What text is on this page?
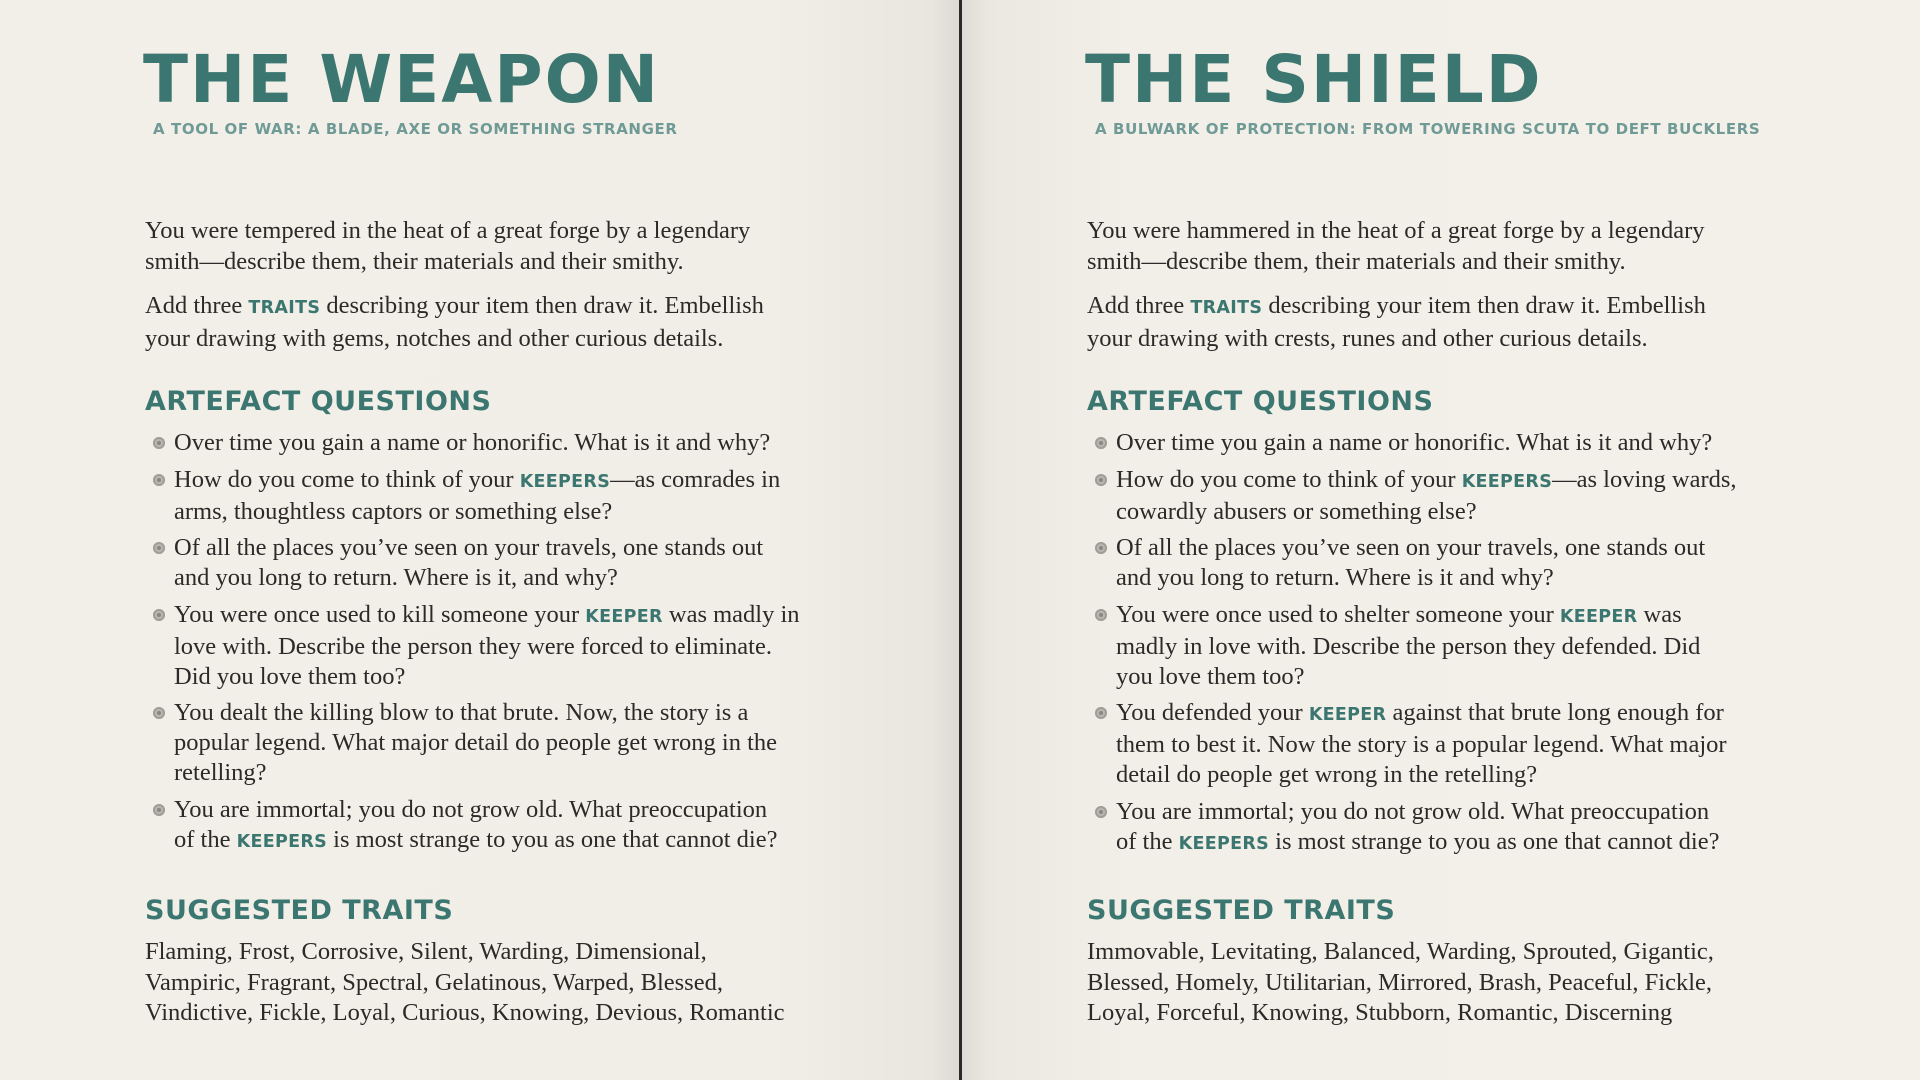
THE WEAPON
A TOOL OF WAR: A BLADE, AXE OR SOMETHING STRANGER

You were tempered in the heat of a great forge by a legendary
smith—describe them, their materials and their smithy.

Add three TRAITS describing your item then draw it. Embellish
your drawing with gems, notches and other curious details.

ARTEFACT QUESTIONS
Over time you gain a name or honorific. What is it and why?
How do you come to think of your KEEPERS—as comrades in
arms, thoughtless captors or something else?
Of all the places you’ve seen on your travels, one stands out
and you long to return. Where is it, and why?
You were once used to kill someone your KEEPER was madly in
love with. Describe the person they were forced to eliminate.
Did you love them too?
You dealt the killing blow to that brute. Now, the story is a
popular legend. What major detail do people get wrong in the
retelling?
You are immortal; you do not grow old. What preoccupation
of the KEEPERS is most strange to you as one that cannot die?
SUGGESTED TRAITS

Flaming, Frost, Corrosive, Silent, Warding, Dimensional,
Vampiric, Fragrant, Spectral, Gelatinous, Warped, Blessed,
Vindictive, Fickle, Loyal, Curious, Knowing, Devious, Romantic

THE SHIELD
A BULWARK OF PROTECTION: FROM TOWERING SCUTA TO DEFT BUCKLERS

You were hammered in the heat of a great forge by a legendary
smith—describe them, their materials and their smithy.

Add three TRAITS describing your item then draw it. Embellish
your drawing with crests, runes and other curious details.

ARTEFACT QUESTIONS
Over time you gain a name or honorific. What is it and why?
How do you come to think of your KEEPERS—as loving wards,
cowardly abusers or something else?
Of all the places you’ve seen on your travels, one stands out
and you long to return. Where is it and why?
You were once used to shelter someone your KEEPER was
madly in love with. Describe the person they defended. Did
you love them too?
You defended your KEEPER against that brute long enough for
them to best it. Now the story is a popular legend. What major
detail do people get wrong in the retelling?
You are immortal; you do not grow old. What preoccupation
of the KEEPERS is most strange to you as one that cannot die?
SUGGESTED TRAITS

Immovable, Levitating, Balanced, Warding, Sprouted, Gigantic,
Blessed, Homely, Utilitarian, Mirrored, Brash, Peaceful, Fickle,
Loyal, Forceful, Knowing, Stubborn, Romantic, Discerning
